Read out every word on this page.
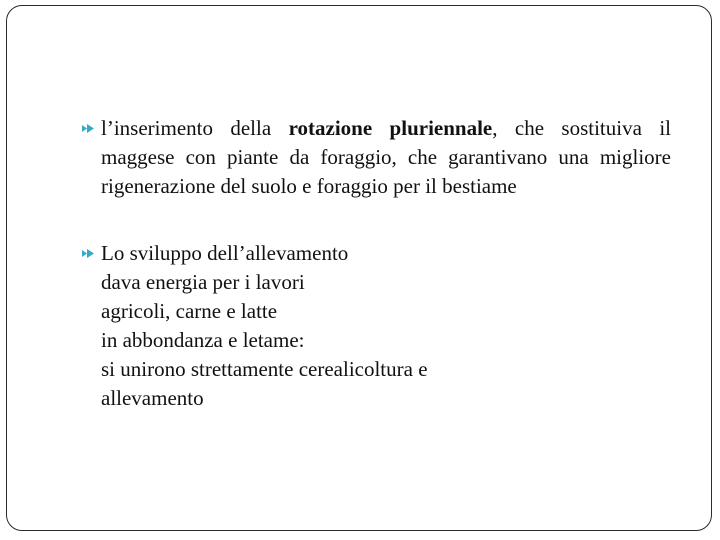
l’inserimento della rotazione pluriennale, che sostituiva il maggese con piante da foraggio, che garantivano una migliore rigenerazione del suolo e foraggio per il bestiame
Lo sviluppo dell’allevamento
dava energia per i lavori
agricoli, carne e latte
in abbondanza e letame:
si unirono strettamente cerealicoltura e
allevamento
